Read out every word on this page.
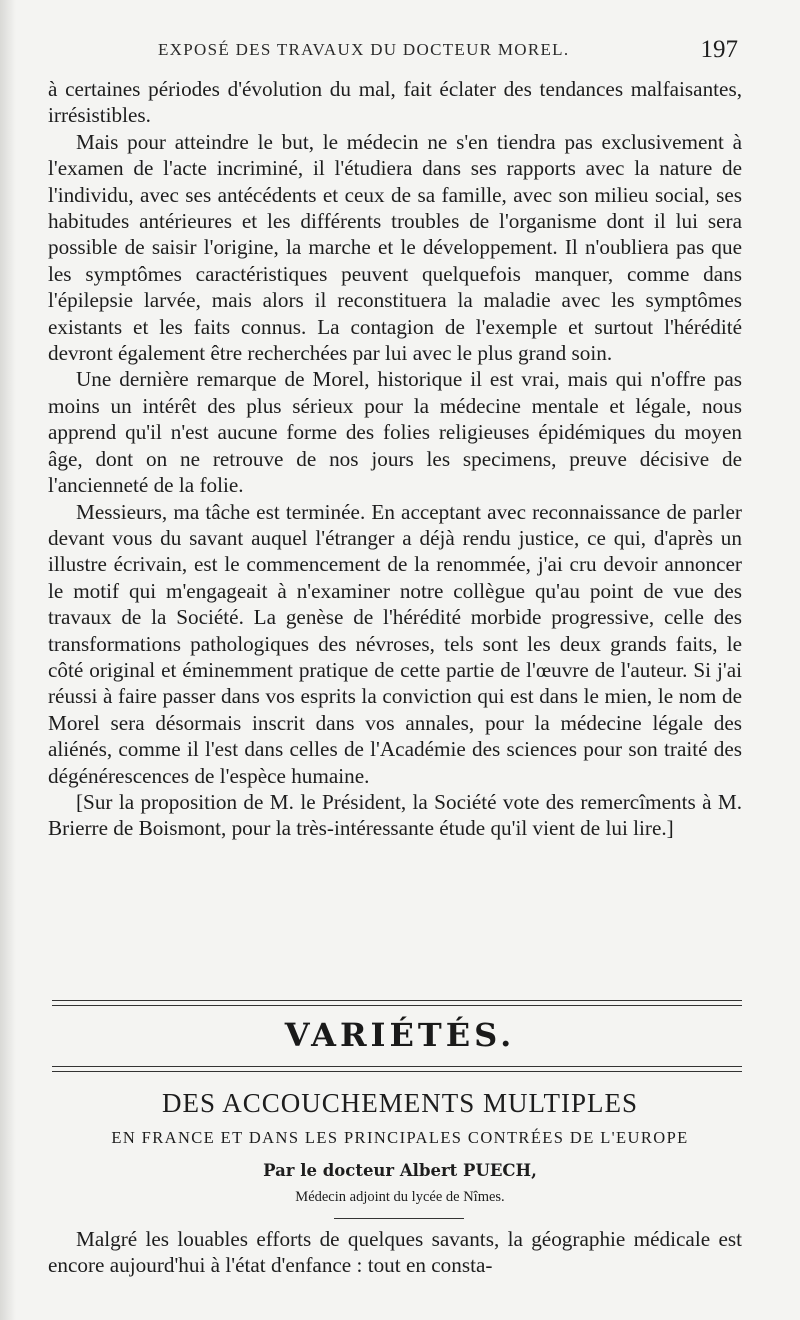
EXPOSÉ DES TRAVAUX DU DOCTEUR MOREL.	197

à certaines périodes d'évolution du mal, fait éclater des tendances malfaisantes, irrésistibles.

Mais pour atteindre le but, le médecin ne s'en tiendra pas exclusivement à l'examen de l'acte incriminé, il l'étudiera dans ses rapports avec la nature de l'individu, avec ses antécédents et ceux de sa famille, avec son milieu social, ses habitudes antérieures et les différents troubles de l'organisme dont il lui sera possible de saisir l'origine, la marche et le développement. Il n'oubliera pas que les symptômes caractéristiques peuvent quelquefois manquer, comme dans l'épilepsie larvée, mais alors il reconstituera la maladie avec les symptômes existants et les faits connus. La contagion de l'exemple et surtout l'hérédité devront également être recherchées par lui avec le plus grand soin.

Une dernière remarque de Morel, historique il est vrai, mais qui n'offre pas moins un intérêt des plus sérieux pour la médecine mentale et légale, nous apprend qu'il n'est aucune forme des folies religieuses épidémiques du moyen âge, dont on ne retrouve de nos jours les specimens, preuve décisive de l'ancienneté de la folie.

Messieurs, ma tâche est terminée. En acceptant avec reconnaissance de parler devant vous du savant auquel l'étranger a déjà rendu justice, ce qui, d'après un illustre écrivain, est le commencement de la renommée, j'ai cru devoir annoncer le motif qui m'engageait à n'examiner notre collègue qu'au point de vue des travaux de la Société. La genèse de l'hérédité morbide progressive, celle des transformations pathologiques des névroses, tels sont les deux grands faits, le côté original et éminemment pratique de cette partie de l'œuvre de l'auteur. Si j'ai réussi à faire passer dans vos esprits la conviction qui est dans le mien, le nom de Morel sera désormais inscrit dans vos annales, pour la médecine légale des aliénés, comme il l'est dans celles de l'Académie des sciences pour son traité des dégénérescences de l'espèce humaine.

[Sur la proposition de M. le Président, la Société vote des remercîments à M. Brierre de Boismont, pour la très-intéressante étude qu'il vient de lui lire.]

VARIÉTÉS.
DES ACCOUCHEMENTS MULTIPLES
EN FRANCE ET DANS LES PRINCIPALES CONTRÉES DE L'EUROPE
Par le docteur Albert PUECH,
Médecin adjoint du lycée de Nîmes.

Malgré les louables efforts de quelques savants, la géographie médicale est encore aujourd'hui à l'état d'enfance : tout en consta-
